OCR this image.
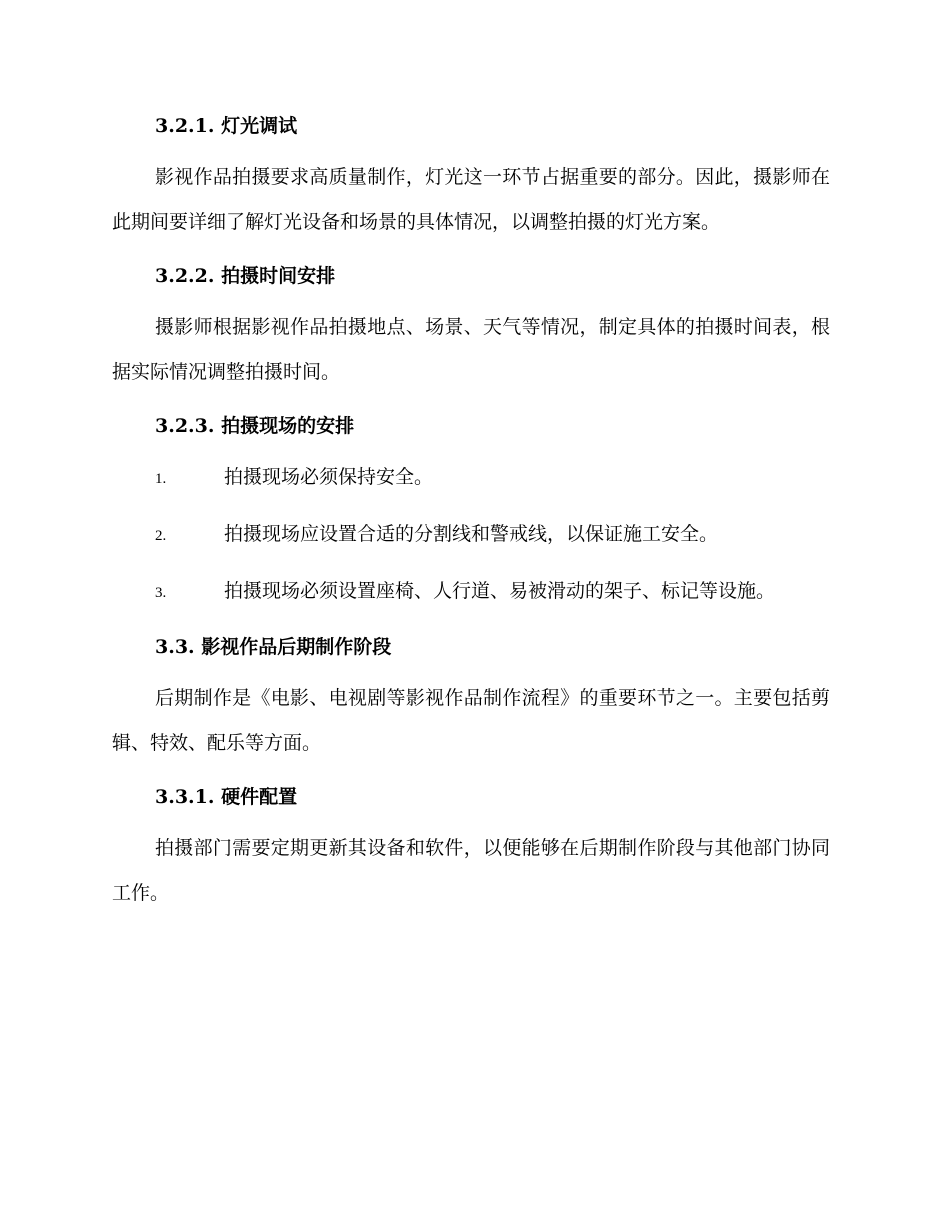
3.2.1. 灯光调试

影视作品拍摄要求高质量制作，灯光这一环节占据重要的部分。因此，摄影师在此期间要详细了解灯光设备和场景的具体情况，以调整拍摄的灯光方案。

3.2.2. 拍摄时间安排

摄影师根据影视作品拍摄地点、场景、天气等情况，制定具体的拍摄时间表，根据实际情况调整拍摄时间。

3.2.3. 拍摄现场的安排
1.	拍摄现场必须保持安全。
2.	拍摄现场应设置合适的分割线和警戒线，以保证施工安全。
3.	拍摄现场必须设置座椅、人行道、易被滑动的架子、标记等设施。
3.3. 影视作品后期制作阶段

后期制作是《电影、电视剧等影视作品制作流程》的重要环节之一。主要包括剪辑、特效、配乐等方面。

3.3.1. 硬件配置

拍摄部门需要定期更新其设备和软件，以便能够在后期制作阶段与其他部门协同工作。
